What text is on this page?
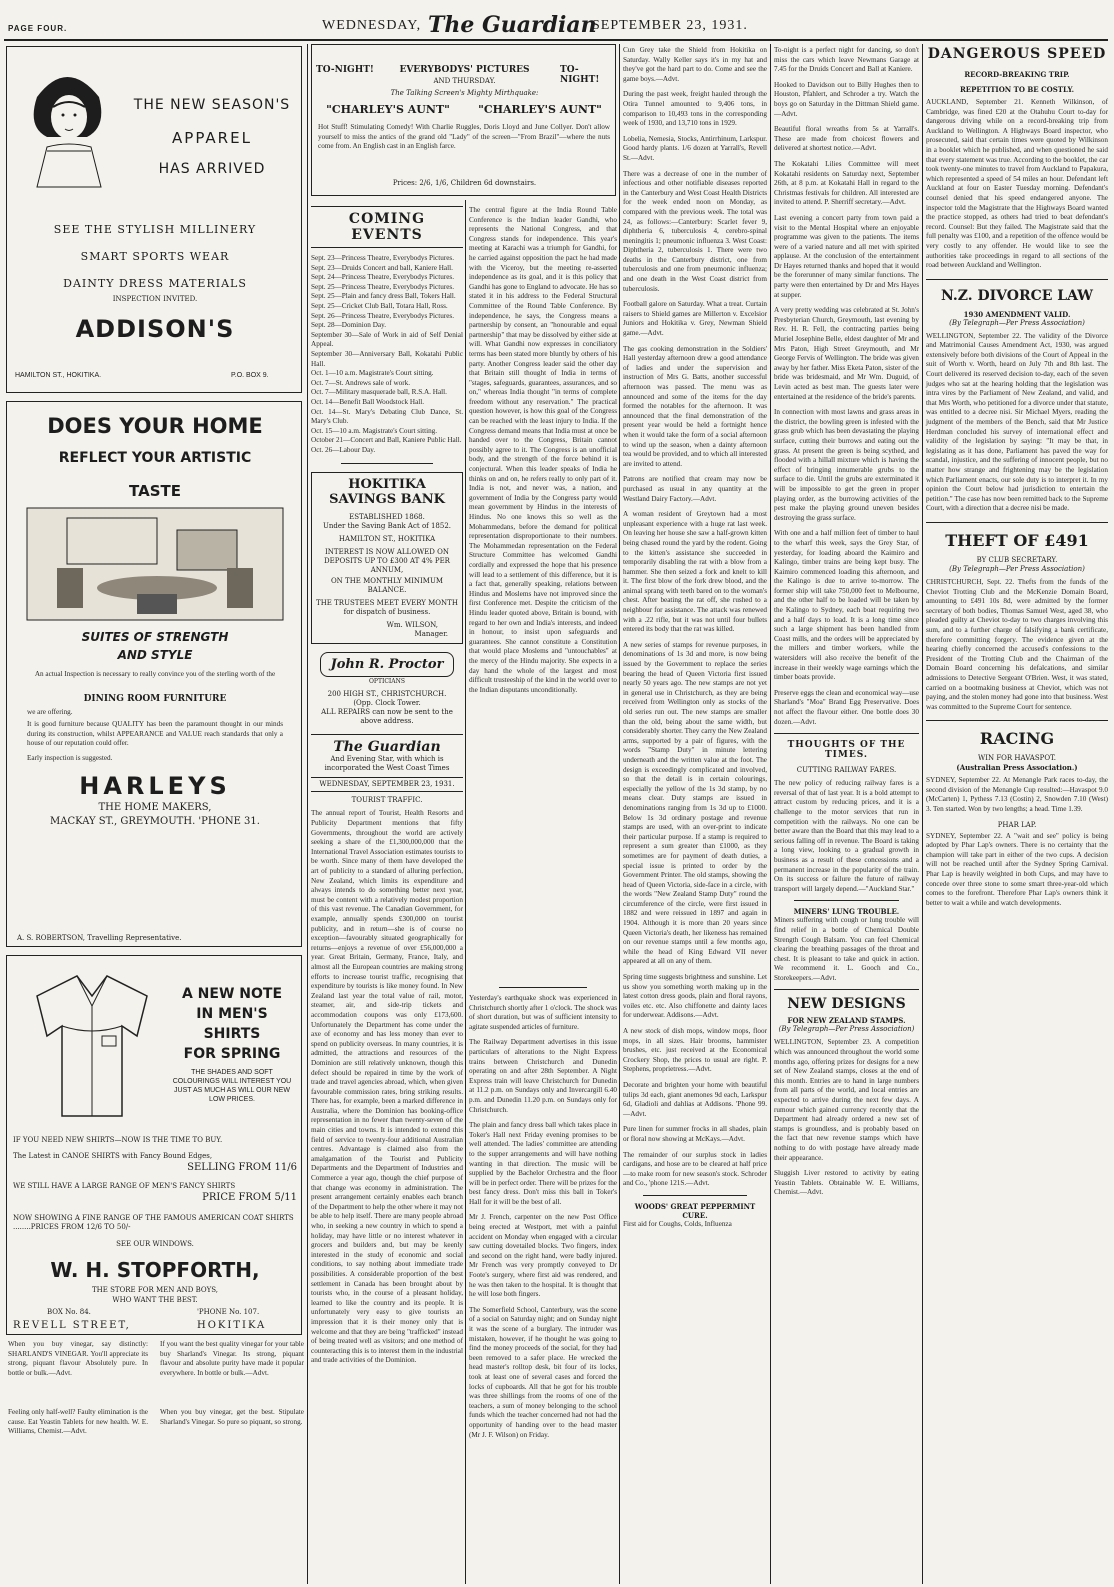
PAGE FOUR.	WEDNESDAY, The Guardian
SEPTEMBER 23, 1931.
THE NEW SEASON'S
APPAREL
HAS ARRIVED
SEE THE STYLISH MILLINERY
SMART SPORTS WEAR
DAINTY DRESS MATERIALS
INSPECTION INVITED.
ADDISON'S
HAMILTON ST., HOKITIKA.	P.O. BOX 9.
DOES YOUR HOME
REFLECT YOUR ARTISTIC
TASTE
SUITES OF STRENGTH
AND STYLE
An actual Inspection is necessary to really convince you of the sterling worth of the
DINING ROOM FURNITURE
we are offering.
It is good furniture because QUALITY has been the paramount thought in our minds during its construction, whilst APPEARANCE and VALUE reach standards that only a house of our reputation could offer.
Early inspection is suggested.
HARLEYS
THE HOME MAKERS,
MACKAY ST., GREYMOUTH. 'PHONE 31.
A. S. ROBERTSON, Travelling Representative.
A NEW NOTE
IN MEN'S
SHIRTS
FOR SPRING
THE SHADES AND SOFT COLOURINGS WILL INTEREST YOU JUST AS MUCH AS WILL OUR NEW LOW PRICES.
IF YOU NEED NEW SHIRTS—NOW IS THE TIME TO BUY.
The Latest in CANOE SHIRTS with Fancy Bound Edges,
SELLING FROM 11/6
WE STILL HAVE A LARGE RANGE OF MEN'S FANCY SHIRTS
PRICE FROM 5/11
NOW SHOWING A FINE RANGE OF THE FAMOUS AMERICAN COAT SHIRTS ........PRICES FROM 12/6 TO 50/-
SEE OUR WINDOWS.
W. H. STOPFORTH,
THE STORE FOR MEN AND BOYS,
WHO WANT THE BEST.
BOX No. 84.	'PHONE No. 107.
REVELL STREET,	HOKITIKA
When you buy vinegar, say distinctly: SHARLAND'S VINEGAR. You'll appreciate its strong, piquant flavour Absolutely pure. In bottle or bulk.—Advt.
If you want the best quality vinegar for your table buy Sharland's Vinegar. Its strong, piquant flavour and absolute purity have made it popular everywhere. In bottle or bulk.—Advt.
Feeling only half-well? Faulty elimination is the cause. Eat Yeastin Tablets for new health. W. E. Williams, Chemist.—Advt.
When you buy vinegar, get the best. Stipulate Sharland's Vinegar. So pure so piquant, so strong.
TO-NIGHT!	EVERYBODYS' PICTURES	TO-NIGHT!
AND THURSDAY.
The Talking Screen's Mighty Mirthquake:
"CHARLEY'S AUNT"	"CHARLEY'S AUNT"
Hot Stuff! Stimulating Comedy! With Charlie Ruggles, Doris Lloyd and June Collyer. Don't allow yourself to miss the antics of the grand old "Lady" of the screen—"From Brazil"—where the nuts come from. An English cast in an English farce.
Prices: 2/6, 1/6, Children 6d downstairs.
COMING EVENTS
Sept. 23—Princess Theatre, Everybodys Pictures.
Sept. 23—Druids Concert and ball, Kaniere Hall.
Sept. 24—Princess Theatre, Everybodys Pictures.
Sept. 25—Princess Theatre, Everybodys Pictures.
Sept. 25—Plain and fancy dress Ball, Tokers Hall.
Sept. 25—Cricket Club Ball, Totara Hall, Ross.
Sept. 26—Princess Theatre, Everybodys Pictures.
Sept. 28—Dominion Day.
September 30—Sale of Work in aid of Self Denial Appeal.
September 30—Anniversary Ball, Kokatahi Public Hall.
Oct. 1—10 a.m. Magistrate's Court sitting.
Oct. 7—St. Andrews sale of work.
Oct. 7—Military masquerade ball, R.S.A. Hall.
Oct. 14—Benefit Ball Woodstock Hall.
Oct. 14—St. Mary's Debating Club Dance, St. Mary's Club.
Oct. 15—10 a.m. Magistrate's Court sitting.
October 21—Concert and Ball, Kaniere Public Hall.
Oct. 26—Labour Day.
HOKITIKA
SAVINGS BANK
ESTABLISHED 1868.
Under the Saving Bank Act of 1852.
HAMILTON ST., HOKITIKA
INTEREST IS NOW ALLOWED ON DEPOSITS UP TO £300 AT 4% PER ANNUM,
ON THE MONTHLY MINIMUM BALANCE.
THE TRUSTEES MEET EVERY MONTH for dispatch of business.
Wm. WILSON,
Manager.
John R. Proctor
OPTICIANS
200 HIGH ST., CHRISTCHURCH.
(Opp. Clock Tower.
ALL REPAIRS can now be sent to the above address.
The Guardian
And Evening Star, with which is incorporated the West Coast Times
WEDNESDAY, SEPTEMBER 23, 1931.
TOURIST TRAFFIC.
The annual report of Tourist, Health Resorts and Publicity Department mentions that fifty Governments, throughout the world are actively seeking a share of the £1,300,000,000 that the International Travel Association estimates tourists to be worth. Since many of them have developed the art of publicity to a standard of alluring perfection, New Zealand, which limits its expenditure and always intends to do something better next year, must be content with a relatively modest proportion of this vast revenue. The Canadian Government, for example, annually spends £300,000 on tourist publicity, and in return—she is of course no exception—favourably situated geographically for returns—enjoys a revenue of over £56,000,000 a year. Great Britain, Germany, France, Italy, and almost all the European countries are making strong efforts to increase tourist traffic, recognising that expenditure by tourists is like money found. In New Zealand last year the total value of rail, motor, steamer, air, and side-trip tickets and accommodation coupons was only £173,600. Unfortunately the Department has come under the axe of economy and has less money than ever to spend on publicity overseas. In many countries, it is admitted, the attractions and resources of the Dominion are still relatively unknown, though this defect should be repaired in time by the work of trade and travel agencies abroad, which, when given favourable commission rates, bring striking results. There has, for example, been a marked difference in Australia, where the Dominion has booking-office representation in no fewer than twenty-seven of the main cities and towns. It is intended to extend this field of service to twenty-four additional Australian centres. Advantage is claimed also from the amalgamation of the Tourist and Publicity Departments and the Department of Industries and Commerce a year ago, though the chief purpose of that change was economy in administration. The present arrangement certainly enables each branch of the Department to help the other where it may not be able to help itself. There are many people abroad who, in seeking a new country in which to spend a holiday, may have little or no interest whatever in grocers and builders and, but may be keenly interested in the study of economic and social conditions, to say nothing about immediate trade possibilities. A considerable proportion of the best settlement in Canada has been brought about by tourists who, in the course of a pleasant holiday, learned to like the country and its people. It is unfortunately very easy to give tourists an impression that it is their money only that is welcome and that they are being "trafficked" instead of being treated well as visitors; and one method of counteracting this is to interest them in the industrial and trade activities of the Dominion.
The central figure at the India Round Table Conference is the Indian leader Gandhi, who represents the National Congress, and that Congress stands for independence. This year's meeting at Karachi was a triumph for Gandhi, for he carried against opposition the pact he had made with the Viceroy, but the meeting re-asserted independence as its goal, and it is this policy that Gandhi has gone to England to advocate. He has so stated it in his address to the Federal Structural Committee of the Round Table Conference. By independence, he says, the Congress means a partnership by consent, an "honourable and equal partnership" that may be dissolved by either side at will. What Gandhi now expresses in conciliatory terms has been stated more bluntly by others of his party. Another Congress leader said the other day that Britain still thought of India in terms of "stages, safeguards, guarantees, assurances, and so on," whereas India thought "in terms of complete freedom without any reservation." The practical question however, is how this goal of the Congress can be reached with the least injury to India. If the Congress demand means that India must at once be handed over to the Congress, Britain cannot possibly agree to it. The Congress is an unofficial body, and the strength of the force behind it is conjectural. When this leader speaks of India he thinks on and on, he refers really to only part of it. India is not, and never was, a nation, and government of India by the Congress party would mean government by Hindus in the interests of Hindus. No one knows this so well as the Mohammedans, before the demand for political representation disproportionate to their numbers. The Mohammedan representation on the Federal Structure Committee has welcomed Gandhi cordially and expressed the hope that his presence will lead to a settlement of this difference, but it is a fact that, generally speaking, relations between Hindus and Moslems have not improved since the first Conference met. Despite the criticism of the Hindu leader quoted above, Britain is bound, with regard to her own and India's interests, and indeed in honour, to insist upon safeguards and guarantees. She cannot constitute a Constitution that would place Moslems and "untouchables" at the mercy of the Hindu majority. She expects in a day hand the whole of the largest and most difficult trusteeship of the kind in the world over to the Indian disputants unconditionally.
Yesterday's earthquake shock was experienced in Christchurch shortly after 1 o'clock. The shock was of short duration, but was of sufficient intensity to agitate suspended articles of furniture.
The Railway Department advertises in this issue particulars of alterations to the Night Express trains between Christchurch and Dunedin operating on and after 28th September. A Night Express train will leave Christchurch for Dunedin at 11.2 p.m. on Sundays only and Invercargill 6.40 p.m. and Dunedin 11.20 p.m. on Sundays only for Christchurch.
The plain and fancy dress ball which takes place in Toker's Hall next Friday evening promises to be well attended. The ladies' committee are attending to the supper arrangements and will have nothing wanting in that direction. The music will be supplied by the Bachelor Orchestra and the floor will be in perfect order. There will be prizes for the best fancy dress. Don't miss this ball in Toker's Hall for it will be the best of all.
Mr J. French, carpenter on the new Post Office being erected at Westport, met with a painful accident on Monday when engaged with a circular saw cutting dovetailed blocks. Two fingers, index and second on the right hand, were badly injured. Mr French was very promptly conveyed to Dr Foote's surgery, where first aid was rendered, and he was then taken to the hospital. It is thought that he will lose both fingers.
The Somerfield School, Canterbury, was the scene of a social on Saturday night; and on Sunday night it was the scene of a burglary. The intruder was mistaken, however, if he thought he was going to find the money proceeds of the social, for they had been removed to a safer place. He wrecked the head master's rolltop desk, bit four of its locks, took at least one of several cases and forced the locks of cupboards. All that he got for his trouble was three shillings from the rooms of one of the teachers, a sum of money belonging to the school funds which the teacher concerned had not had the opportunity of handing over to the head master (Mr J. F. Wilson) on Friday.
Cun Grey take the Shield from Hokitika on Saturday. Wally Keller says it's in my hat and they've got the hard part to do. Come and see the game boys.—Advt.
During the past week, freight hauled through the Otira Tunnel amounted to 9,406 tons, in comparison to 10,493 tons in the corresponding week of 1930, and 13,710 tons in 1929.
Lobelia, Nemesia, Stocks, Antirrhinum, Larkspur. Good hardy plants. 1/6 dozen at Yarrall's, Revell St.—Advt.
There was a decrease of one in the number of infectious and other notifiable diseases reported in the Canterbury and West Coast Health Districts for the week ended noon on Monday, as compared with the previous week. The total was 24, as follows:—Canterbury: Scarlet fever 9, diphtheria 6, tuberculosis 4, cerebro-spinal meningitis 1; pneumonic influenza 3. West Coast: Diphtheria 2, tuberculosis 1. There were two deaths in the Canterbury district, one from tuberculosis and one from pneumonic influenza; and one death in the West Coast district from tuberculosis.
Football galore on Saturday. What a treat. Curtain raisers to Shield games are Millerton v. Excelsior Juniors and Hokitika v. Grey, Newman Shield game.—Advt.
The gas cooking demonstration in the Soldiers' Hall yesterday afternoon drew a good attendance of ladies and under the supervision and instruction of Mrs G. Batts, another successful afternoon was passed. The menu was as announced and some of the items for the day formed the notables for the afternoon. It was announced that the final demonstration of the present year would be held a fortnight hence when it would take the form of a social afternoon to wind up the season, when a dainty afternoon tea would be provided, and to which all interested are invited to attend.
Patrons are notified that cream may now be purchased as usual in any quantity at the Westland Dairy Factory.—Advt.
A woman resident of Greytown had a most unpleasant experience with a huge rat last week. On leaving her house she saw a half-grown kitten being chased round the yard by the rodent. Going to the kitten's assistance she succeeded in temporarily disabling the rat with a blow from a hammer. She then seized a fork and knelt to kill it. The first blow of the fork drew blood, and the animal sprang with teeth bared on to the woman's chest. After beating the rat off, she rushed to a neighbour for assistance. The attack was renewed with a .22 rifle, but it was not until four bullets entered its body that the rat was killed.
A new series of stamps for revenue purposes, in denominations of 1s 3d and more, is now being issued by the Government to replace the series bearing the head of Queen Victoria first issued nearly 50 years ago. The new stamps are not yet in general use in Christchurch, as they are being received from Wellington only as stocks of the old series run out. The new stamps are smaller than the old, being about the same width, but considerably shorter. They carry the New Zealand arms, supported by a pair of figures, with the words "Stamp Duty" in minute lettering underneath and the written value at the foot. The design is exceedingly complicated and involved, so that the detail is in certain colourings, especially the yellow of the 1s 3d stamp, by no means clear. Duty stamps are issued in denominations ranging from 1s 3d up to £1000. Below 1s 3d ordinary postage and revenue stamps are used, with an over-print to indicate their particular purpose. If a stamp is required to represent a sum greater than £1000, as they sometimes are for payment of death duties, a special issue is printed to order by the Government Printer. The old stamps, showing the head of Queen Victoria, side-face in a circle, with the words "New Zealand Stamp Duty" round the circumference of the circle, were first issued in 1882 and were reissued in 1897 and again in 1904. Although it is more than 20 years since Queen Victoria's death, her likeness has remained on our revenue stamps until a few months ago, while the head of King Edward VII never appeared at all on any of them.
Spring time suggests brightness and sunshine. Let us show you something worth making up in the latest cotton dress goods, plain and floral rayons, voiles etc. etc. Also chiffonette and dainty laces for underwear. Addisons.—Advt.
A new stock of dish mops, window mops, floor mops, in all sizes. Hair brooms, hammister brushes, etc. just received at the Economical Crockery Shop, the prices to usual are right. P. Stephens, proprietress.—Advt.
Decorate and brighten your home with beautiful tulips 3d each, giant anemones 9d each, Larkspur 6d, Gladioli and dahlias at Addisons. 'Phone 99.—Advt.
Pure linen for summer frocks in all shades, plain or floral now showing at McKays.—Advt.
The remainder of our surplus stock in ladies cardigans, and hose are to be cleared at half price—to make room for new season's stock. Schroder and Co., 'phone 121S.—Advt.
WOODS' GREAT PEPPERMINT CURE.
First aid for Coughs, Colds, Influenza
To-night is a perfect night for dancing, so don't miss the cars which leave Newmans Garage at 7.45 for the Druids Concert and Ball at Kaniere.
Hooked to Davidson out to Billy Hughes then to Houston, Pfahlert, and Schroder a try. Watch the boys go on Saturday in the Dittman Shield game.—Advt.
Beautiful floral wreaths from 5s at Yarrall's. These are made from choicest flowers and delivered at shortest notice.—Advt.
The Kokatahi Lilies Committee will meet Kokatahi residents on Saturday next, September 26th, at 8 p.m. at Kokatahi Hall in regard to the Christmas festivals for children. All interested are invited to attend. P. Sherriff secretary.—Advt.
Last evening a concert party from town paid a visit to the Mental Hospital where an enjoyable programme was given to the patients. The items were of a varied nature and all met with spirited applause. At the conclusion of the entertainment Dr Hayes returned thanks and hoped that it would be the forerunner of many similar functions. The party were then entertained by Dr and Mrs Hayes at supper.
A very pretty wedding was celebrated at St. John's Presbyterian Church, Greymouth, last evening by Rev. H. R. Fell, the contracting parties being Muriel Josephine Belle, eldest daughter of Mr and Mrs Paton, High Street Greymouth, and Mr George Fervis of Wellington. The bride was given away by her father. Miss Eketa Paton, sister of the bride was bridesmaid, and Mr Wm. Duguid, of Levin acted as best man. The guests later were entertained at the residence of the bride's parents.
In connection with most lawns and grass areas in the district, the bowling green is infested with the grass grub which has been devastating the playing surface, cutting their burrows and eating out the grass. At present the green is being scythed, and flooded with a hillall mixture which is having the effect of bringing innumerable grubs to the surface to die. Until the grubs are exterminated it will be impossible to get the green in proper playing order, as the burrowing activities of the pest make the playing ground uneven besides destroying the grass surface.
With one and a half million feet of timber to haul to the wharf this week, says the Grey Star, of yesterday, for loading aboard the Kaimiro and Kalingo, timber trains are being kept busy. The Kaimiro commenced loading this afternoon, and the Kalingo is due to arrive to-morrow. The former ship will take 750,000 feet to Melbourne, and the other half to be loaded will be taken by the Kalingo to Sydney, each boat requiring two and a half days to load. It is a long time since such a large shipment has been handled from Coast mills, and the orders will be appreciated by the millers and timber workers, while the watersiders will also receive the benefit of the increase in their weekly wage earnings which the timber boats provide.
Preserve eggs the clean and economical way—use Sharland's "Moa" Brand Egg Preservative. Does not affect the flavour either. One bottle does 30 dozen.—Advt.
THOUGHTS OF THE TIMES.
CUTTING RAILWAY FARES.
The new policy of reducing railway fares is a reversal of that of last year. It is a bold attempt to attract custom by reducing prices, and it is a challenge to the motor services that run in competition with the railways. No one can be better aware than the Board that this may lead to a serious falling off in revenue. The Board is taking a long view, looking to a gradual growth in business as a result of these concessions and a permanent increase in the popularity of the train. On its success or failure the future of railway transport will largely depend.—"Auckland Star."
MINERS' LUNG TROUBLE.
Miners suffering with cough or lung trouble will find relief in a bottle of Chemical Double Strength Cough Balsam. You can feel Chemical clearing the breathing passages of the throat and chest. It is pleasant to take and quick in action. We recommend it. L. Gooch and Co., Storekeepers.—Advt.
NEW DESIGNS
FOR NEW ZEALAND STAMPS.
(By Telegraph—Per Press Association)
WELLINGTON, September 23. A competition which was announced throughout the world some months ago, offering prizes for designs for a new set of New Zealand stamps, closes at the end of this month. Entries are to hand in large numbers from all parts of the world, and local entries are expected to arrive during the next few days. A rumour which gained currency recently that the Department had already ordered a new set of stamps is groundless, and is probably based on the fact that new revenue stamps which have nothing to do with postage have already made their appearance.
Sluggish Liver restored to activity by eating Yeastin Tablets. Obtainable W. E. Williams, Chemist.—Advt.
DANGEROUS SPEED
RECORD-BREAKING TRIP.
REPETITION TO BE COSTLY.
AUCKLAND, September 21. Kenneth Wilkinson, of Cambridge, was fined £20 at the Otahuhu Court to-day for dangerous driving while on a record-breaking trip from Auckland to Wellington. A Highways Board inspector, who prosecuted, said that certain times were quoted by Wilkinson in a booklet which he published, and when questioned he said that every statement was true. According to the booklet, the car took twenty-one minutes to travel from Auckland to Papakura, which represented a speed of 54 miles an hour. Defendant left Auckland at four on Easter Tuesday morning. Defendant's counsel denied that his speed endangered anyone. The inspector told the Magistrate that the Highways Board wanted the practice stopped, as others had tried to beat defendant's record. Counsel: But they failed. The Magistrate said that the full penalty was £100, and a repetition of the offence would be very costly to any offender. He would like to see the authorities take proceedings in regard to all sections of the road between Auckland and Wellington.
N.Z. DIVORCE LAW
1930 AMENDMENT VALID.
(By Telegraph—Per Press Association)
WELLINGTON, September 22. The validity of the Divorce and Matrimonial Causes Amendment Act, 1930, was argued extensively before both divisions of the Court of Appeal in the suit of Worth v. Worth, heard on July 7th and 8th last. The Court delivered its reserved decision to-day, each of the seven judges who sat at the hearing holding that the legislation was intra vires by the Parliament of New Zealand, and valid, and that Mrs Worth, who petitioned for a divorce under that statute, was entitled to a decree nisi. Sir Michael Myers, reading the judgment of the members of the Bench, said that Mr Justice Herdman concluded his survey of international effect and validity of the legislation by saying: "It may be that, in legislating as it has done, Parliament has paved the way for scandal, injustice, and the suffering of innocent people, but no matter how strange and frightening may be the legislation which Parliament enacts, our sole duty is to interpret it. In my opinion the Court below had jurisdiction to entertain the petition." The case has now been remitted back to the Supreme Court, with a direction that a decree nisi be made.
THEFT OF £491
BY CLUB SECRETARY.
(By Telegraph—Per Press Association)
CHRISTCHURCH, Sept. 22. Thefts from the funds of the Cheviot Trotting Club and the McKenzie Domain Board, amounting to £491 10s 8d, were admitted by the former secretary of both bodies, Thomas Samuel West, aged 38, who pleaded guilty at Cheviot to-day to two charges involving this sum, and to a further charge of falsifying a bank certificate, therefore committing forgery. The evidence given at the hearing chiefly concerned the accused's confessions to the President of the Trotting Club and the Chairman of the Domain Board concerning his defalcations, and similar admissions to Detective Sergeant O'Brien. West, it was stated, carried on a bootmaking business at Cheviot, which was not paying, and the stolen money had gone into that business. West was committed to the Supreme Court for sentence.
RACING
WIN FOR HAVASPOT.
(Australian Press Association.)
SYDNEY, September 22. At Menangle Park races to-day, the second division of the Menangle Cup resulted:—Havaspot 9.0 (McCarten) 1, Pythess 7.13 (Costin) 2, Snowden 7.10 (West) 3. Ten started. Won by two lengths; a head. Time 1.39.
PHAR LAP.
SYDNEY, September 22. A "wait and see" policy is being adopted by Phar Lap's owners. There is no certainty that the champion will take part in either of the two cups. A decision will not be reached until after the Sydney Spring Carnival. Phar Lap is heavily weighted in both Cups, and may have to concede over three stone to some smart three-year-old which comes to the forefront. Therefore Phar Lap's owners think it better to wait a while and watch developments.
